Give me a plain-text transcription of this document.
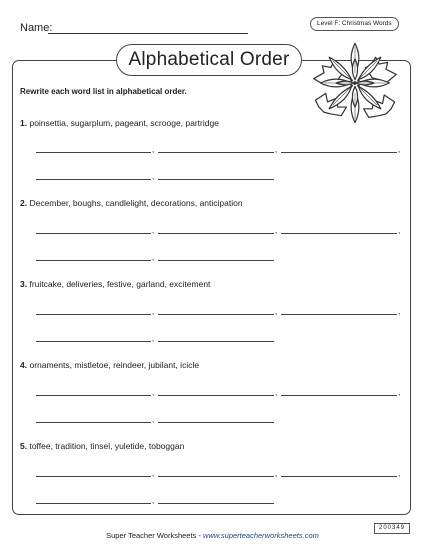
Name:	Level F: Christmas Words
Alphabetical Order
Rewrite each word list in alphabetical order.
1. poinsettia, sugarplum, pageant, scrooge, partridge
2. December, boughs, candlelight, decorations, anticipation
3. fruitcake, deliveries, festive, garland, excitement
4. ornaments, mistletoe, reindeer, jubilant, icicle
5. toffee, tradition, tinsel, yuletide, toboggan
,	,	,
,
,	,	,
,
,	,	,
,
,	,	,
,
,	,	,
,
Super Teacher Worksheets - www.superteacherworksheets.com
200349
